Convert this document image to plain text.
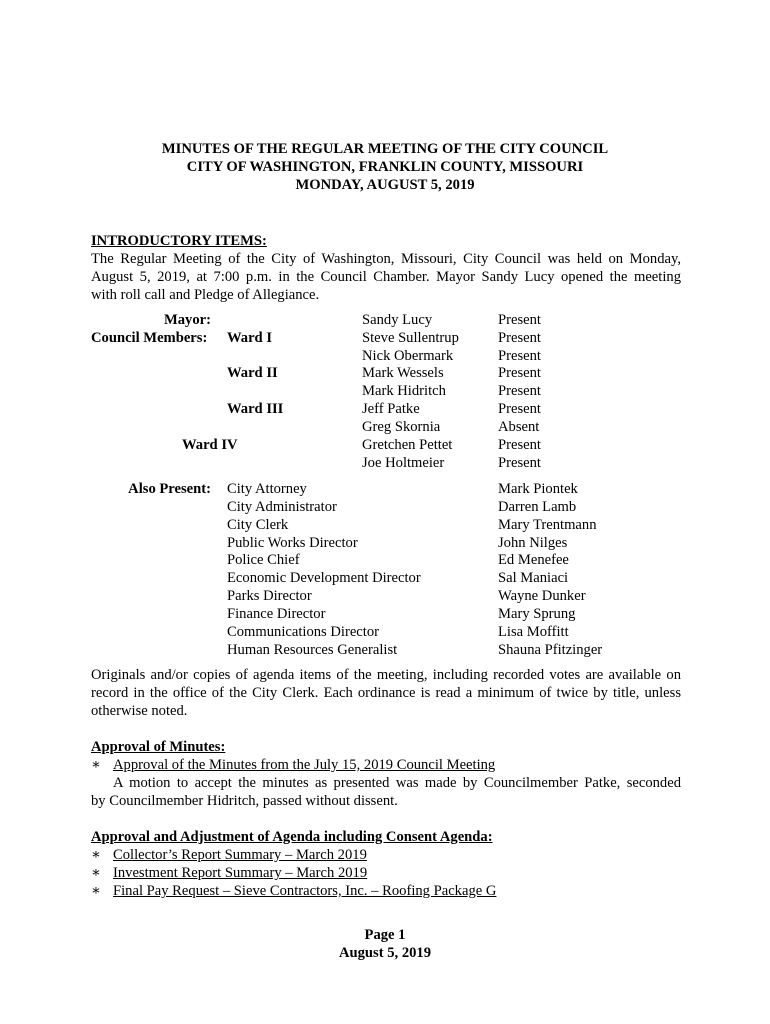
MINUTES OF THE REGULAR MEETING OF THE CITY COUNCIL
CITY OF WASHINGTON, FRANKLIN COUNTY, MISSOURI
MONDAY, AUGUST 5, 2019
INTRODUCTORY ITEMS:
The Regular Meeting of the City of Washington, Missouri, City Council was held on Monday,
August 5, 2019, at 7:00 p.m. in the Council Chamber. Mayor Sandy Lucy opened the meeting
with roll call and Pledge of Allegiance.
Mayor:
Council Members: Ward I
Ward II
Ward III
Ward IV
Sandy Lucy
Steve Sullentrup
Nick Obermark
Mark Wessels
Mark Hidritch
Jeff Patke
Greg Skornia
Gretchen Pettet
Joe Holtmeier
Present
Present
Present
Present
Present
Present
Absent
Present
Present
Also Present: City Attorney
City Administrator
City Clerk
Public Works Director
Police Chief
Economic Development Director
Parks Director
Finance Director
Communications Director
Human Resources Generalist
Mark Piontek
Darren Lamb
Mary Trentmann
John Nilges
Ed Menefee
Sal Maniaci
Wayne Dunker
Mary Sprung
Lisa Moffitt
Shauna Pfitzinger
Originals and/or copies of agenda items of the meeting, including recorded votes are available on
record in the office of the City Clerk. Each ordinance is read a minimum of twice by title, unless
otherwise noted.
Approval of Minutes:
∗ Approval of the Minutes from the July 15, 2019 Council Meeting
A motion to accept the minutes as presented was made by Councilmember Patke, seconded
by Councilmember Hidritch, passed without dissent.
Approval and Adjustment of Agenda including Consent Agenda:
∗ Collector’s Report Summary – March 2019
∗ Investment Report Summary – March 2019
∗ Final Pay Request – Sieve Contractors, Inc. – Roofing Package G
Page 1
August 5, 2019
